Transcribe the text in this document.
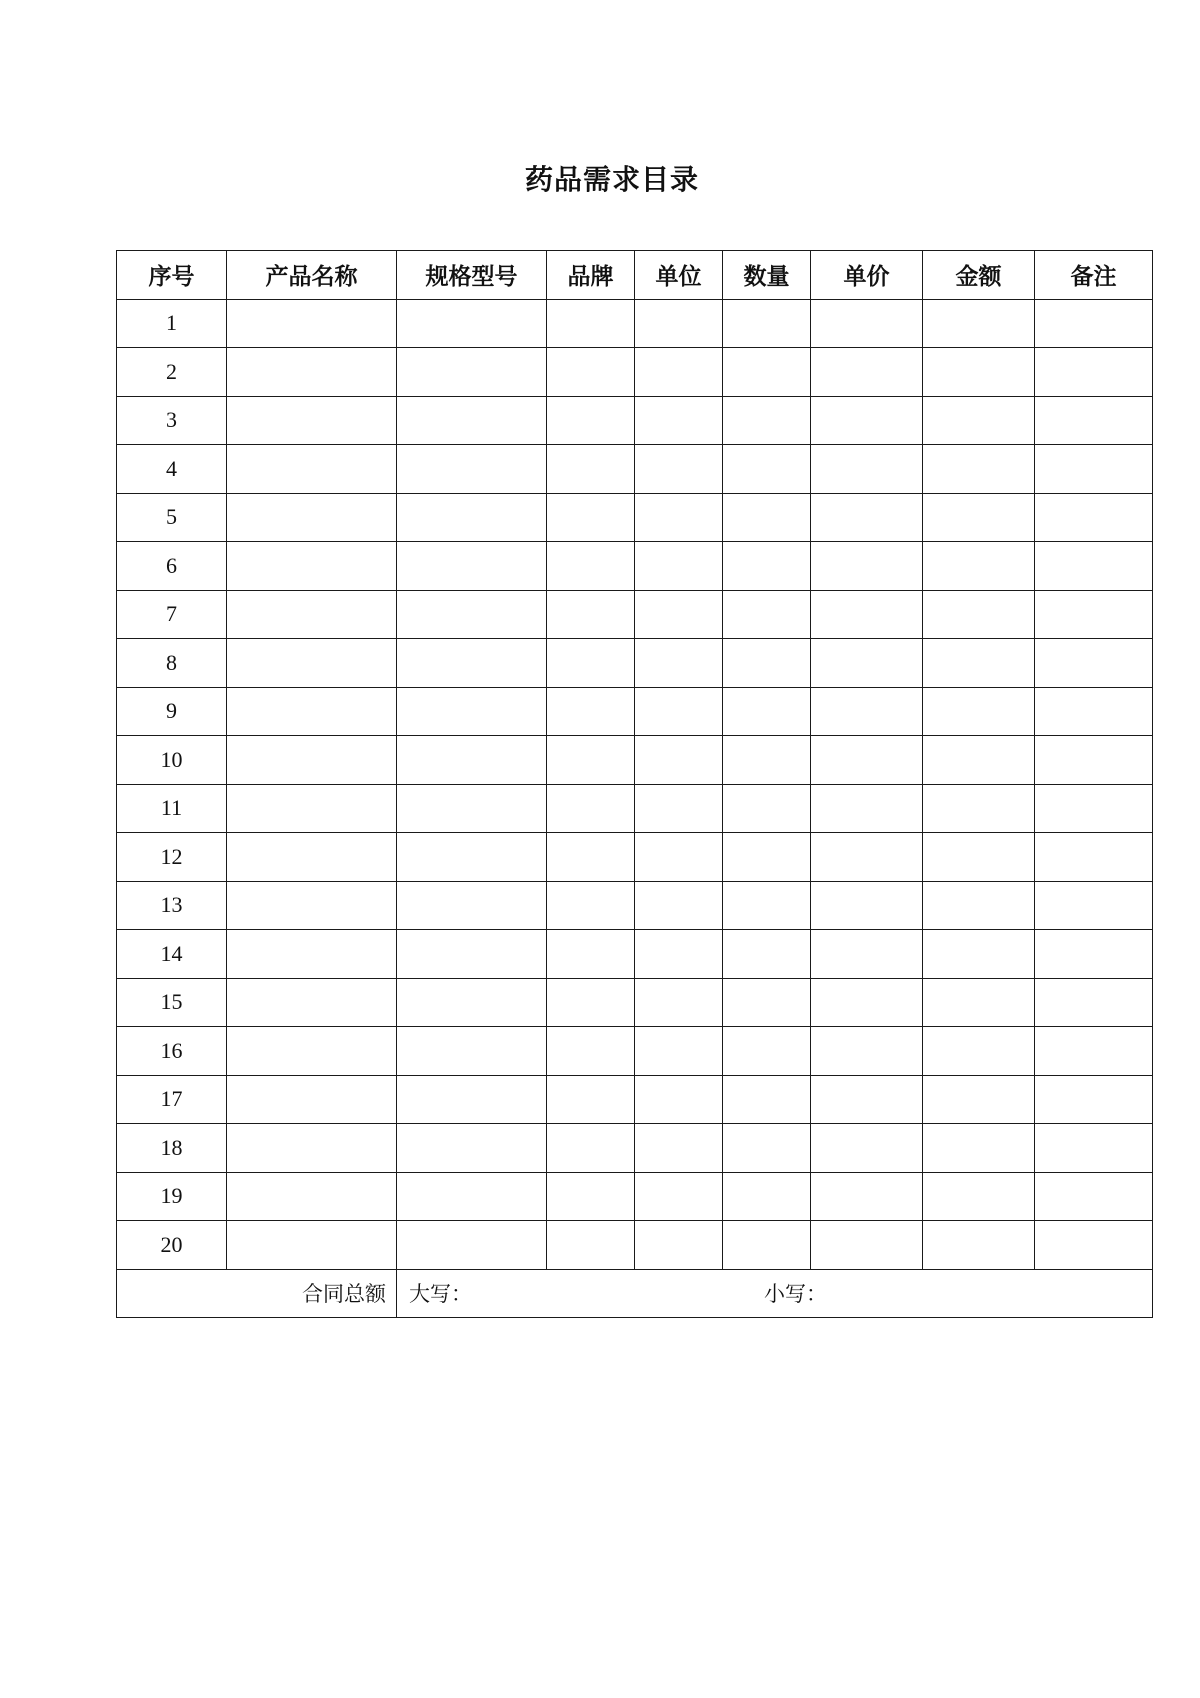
药品需求目录
序号	产品名称	规格型号	品牌	单位	数量	单价	金额	备注
1								
2								
3								
4								
5								
6								
7								
8								
9								
10								
11								
12								
13								
14								
15								
16								
17								
18								
19								
20								
合同总额		大写： 小写：						
